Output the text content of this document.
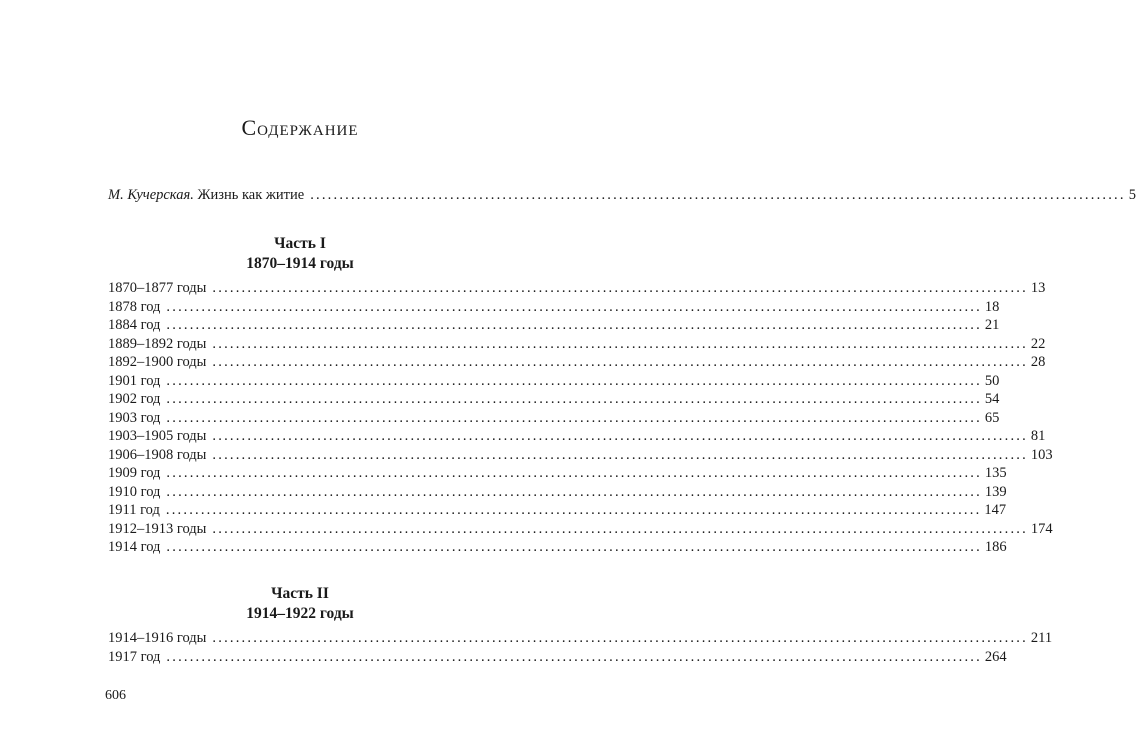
Содержание
М. Кучерская. Жизнь как житие ............................................................................................................................................ 5
Часть I
1870–1914 годы
1870–1877 годы ............................................................................................................................................ 13
1878 год ............................................................................................................................................ 18
1884 год ............................................................................................................................................ 21
1889–1892 годы ............................................................................................................................................ 22
1892–1900 годы ............................................................................................................................................ 28
1901 год ............................................................................................................................................ 50
1902 год ............................................................................................................................................ 54
1903 год ............................................................................................................................................ 65
1903–1905 годы ............................................................................................................................................ 81
1906–1908 годы ............................................................................................................................................ 103
1909 год ............................................................................................................................................ 135
1910 год ............................................................................................................................................ 139
1911 год ............................................................................................................................................ 147
1912–1913 годы ............................................................................................................................................ 174
1914 год ............................................................................................................................................ 186
Часть II
1914–1922 годы
1914–1916 годы ............................................................................................................................................ 211
1917 год ............................................................................................................................................ 264
606
